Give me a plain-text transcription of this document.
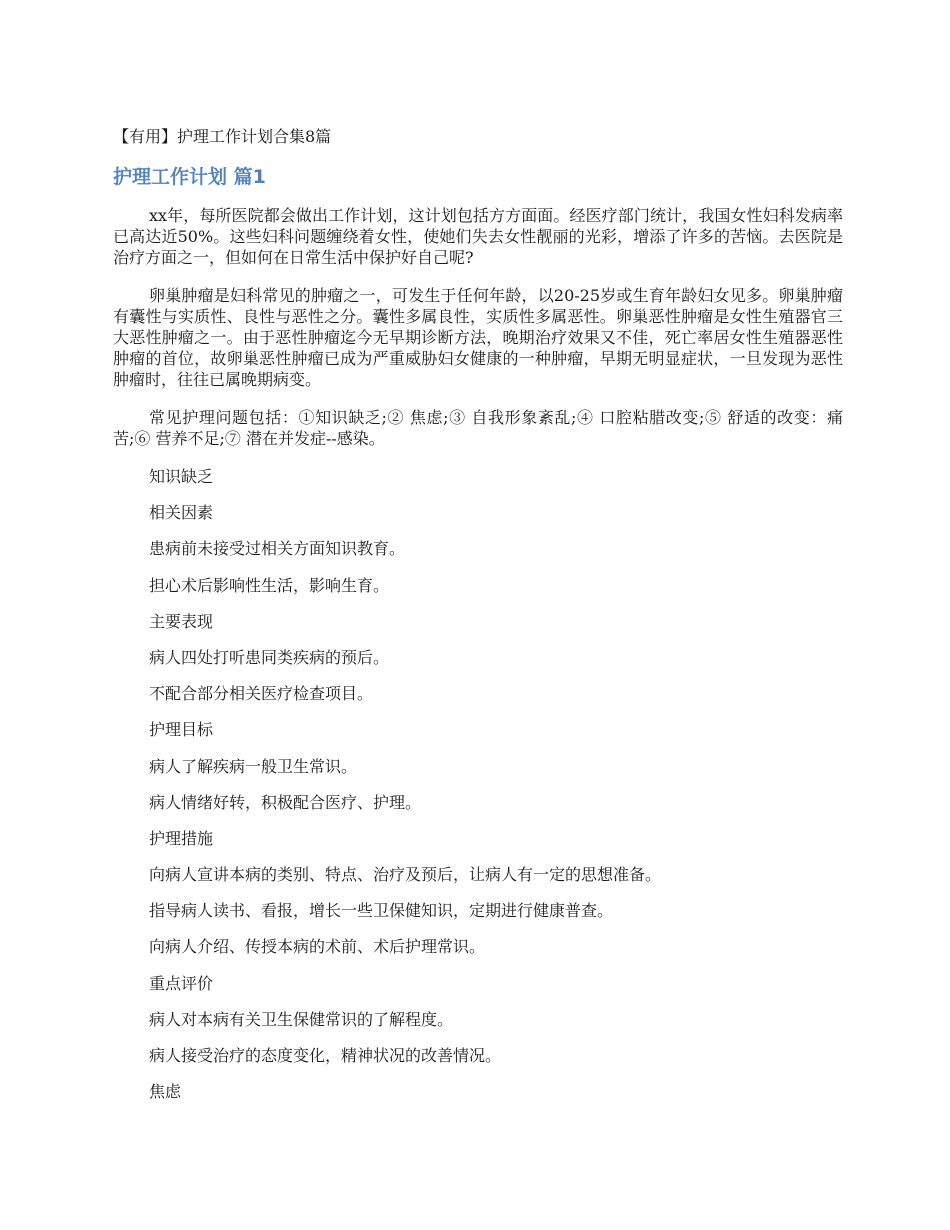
【有用】护理工作计划合集8篇
护理工作计划 篇1

xx年，每所医院都会做出工作计划，这计划包括方方面面。经医疗部门统计，我国女性妇科发病率已高达近50%。这些妇科问题缠绕着女性，使她们失去女性靓丽的光彩，增添了许多的苦恼。去医院是治疗方面之一，但如何在日常生活中保护好自己呢?

卵巢肿瘤是妇科常见的肿瘤之一，可发生于任何年龄，以20-25岁或生育年龄妇女见多。卵巢肿瘤有囊性与实质性、良性与恶性之分。囊性多属良性，实质性多属恶性。卵巢恶性肿瘤是女性生殖器官三大恶性肿瘤之一。由于恶性肿瘤迄今无早期诊断方法，晚期治疗效果又不佳，死亡率居女性生殖器恶性肿瘤的首位，故卵巢恶性肿瘤已成为严重威胁妇女健康的一种肿瘤，早期无明显症状，一旦发现为恶性肿瘤时，往往已属晚期病变。

常见护理问题包括：①知识缺乏;② 焦虑;③ 自我形象紊乱;④ 口腔粘腊改变;⑤ 舒适的改变：痛苦;⑥ 营养不足;⑦ 潜在并发症--感染。

知识缺乏
相关因素
患病前未接受过相关方面知识教育。
担心术后影响性生活，影响生育。
主要表现
病人四处打听患同类疾病的预后。
不配合部分相关医疗检查项目。
护理目标
病人了解疾病一般卫生常识。
病人情绪好转，积极配合医疗、护理。
护理措施
向病人宣讲本病的类别、特点、治疗及预后，让病人有一定的思想准备。
指导病人读书、看报，增长一些卫保健知识，定期进行健康普查。
向病人介绍、传授本病的术前、术后护理常识。
重点评价
病人对本病有关卫生保健常识的了解程度。
病人接受治疗的态度变化，精神状况的改善情况。
焦虑
